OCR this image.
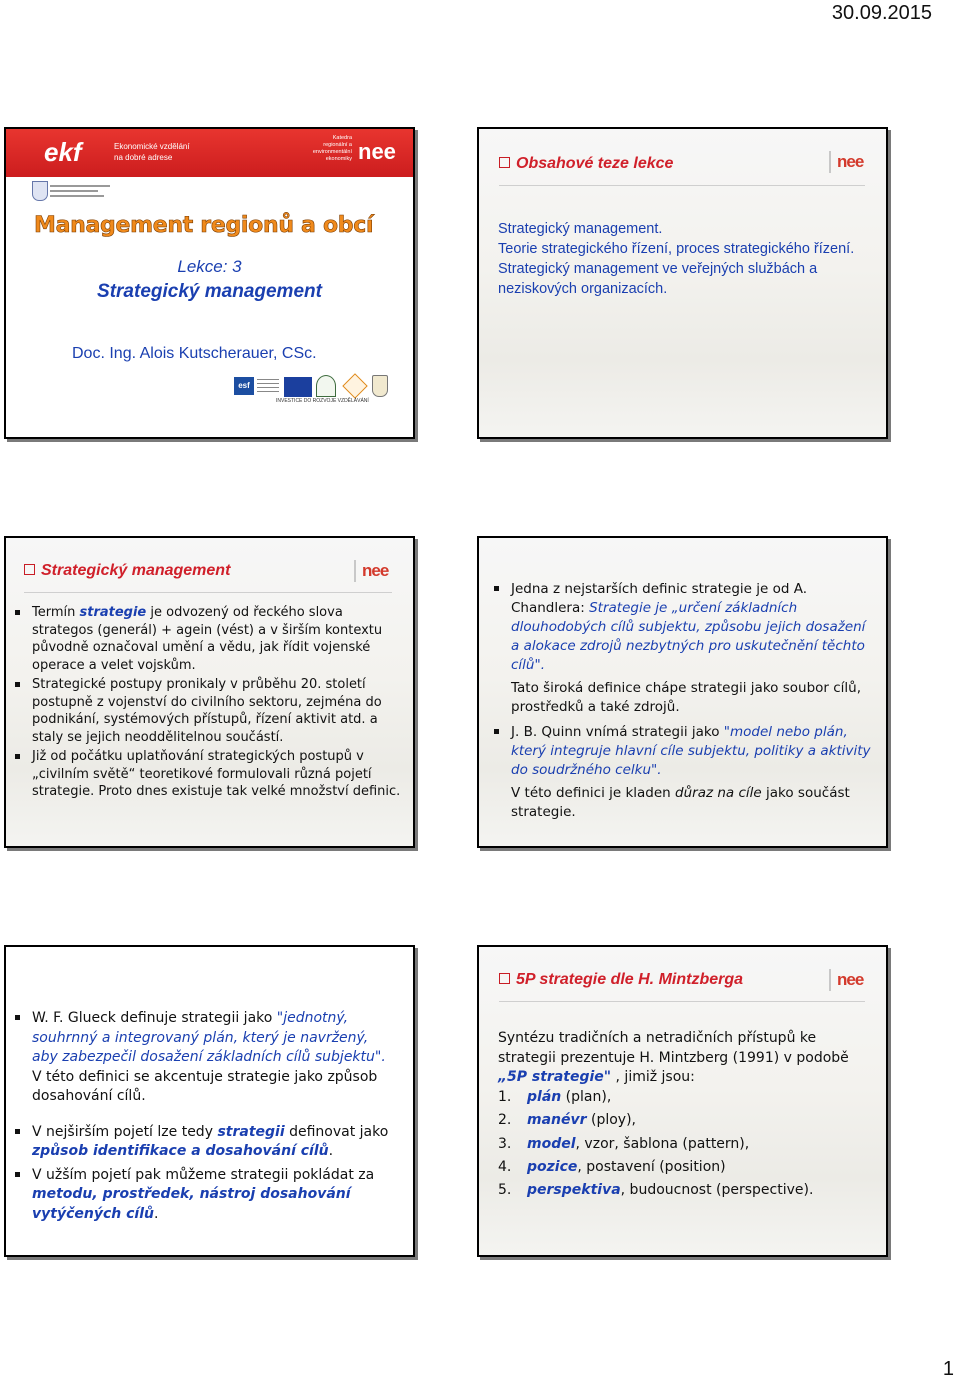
30.09.2015
1
ekf	Ekonomické vzdělání
na dobré adrese
Katedra regionální a environmentální ekonomiky nee
Management regionů a obcí
Lekce: 3
Strategický management
Doc. Ing. Alois Kutscherauer, CSc.
esf
INVESTICE DO ROZVOJE VZDĚLÁVÁNÍ
Obsahové teze lekce	nee
Strategický management.
Teorie strategického řízení, proces strategického řízení.
Strategický management ve veřejných službách a neziskových organizacích.
Strategický management	nee
Termín strategie je odvozený od řeckého slova strategos (generál) + agein (vést) a v širším kontextu původně označoval umění a vědu, jak řídit vojenské operace a velet vojskům.
Strategické postupy pronikaly v průběhu 20. století postupně z vojenství do civilního sektoru, zejména do podnikání, systémových přístupů, řízení aktivit atd. a staly se jejich neoddělitelnou součástí.
Již od počátku uplatňování strategických postupů v „civilním světě“ teoretikové formulovali různá pojetí strategie. Proto dnes existuje tak velké množství definic.
Jedna z nejstarších definic strategie je od A. Chandlera: Strategie je „určení základních dlouhodobých cílů subjektu, způsobu jejich dosažení a alokace zdrojů nezbytných pro uskutečnění těchto cílů".
Tato široká definice chápe strategii jako soubor cílů, prostředků a také zdrojů.
J. B. Quinn vnímá strategii jako "model nebo plán, který integruje hlavní cíle subjektu, politiky a aktivity do soudržného celku".
V této definici je kladen důraz na cíle jako součást strategie.
W. F. Glueck definuje strategii jako "jednotný, souhrnný a integrovaný plán, který je navržený, aby zabezpečil dosažení základních cílů subjektu".
V této definici se akcentuje strategie jako způsob dosahování cílů.
V nejširším pojetí lze tedy strategii definovat jako způsob identifikace a dosahování cílů.
V užším pojetí pak můžeme strategii pokládat za metodu, prostředek, nástroj dosahování vytýčených cílů.
5P strategie dle H. Mintzberga	nee
Syntézu tradičních a netradičních přístupů ke strategii prezentuje H. Mintzberg (1991) v podobě „5P strategie" , jimiž jsou:
1. plán (plan),
2. manévr (ploy),
3. model, vzor, šablona (pattern),
4. pozice, postavení (position)
5. perspektiva, budoucnost (perspective).
